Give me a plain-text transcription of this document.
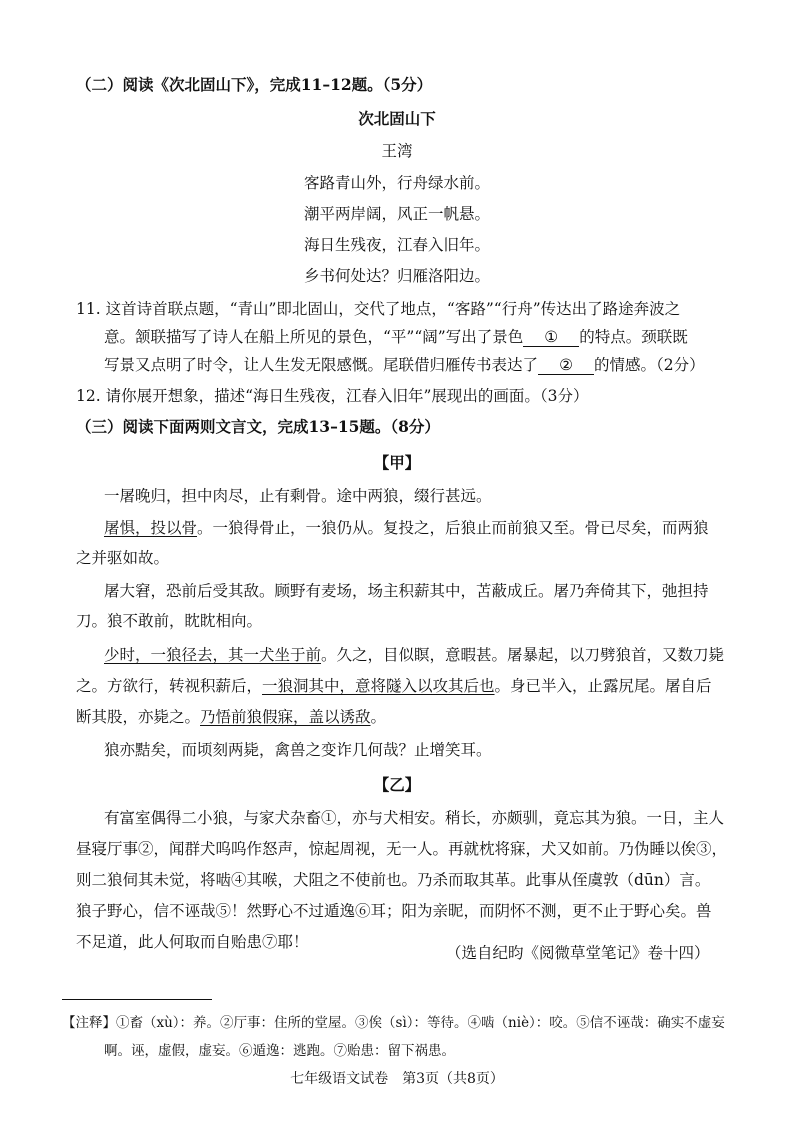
（二）阅读《次北固山下》，完成11–12题。（5分）
次北固山下
王湾
客路青山外，行舟绿水前。
潮平两岸阔，风正一帆悬。
海日生残夜，江春入旧年。
乡书何处达？归雁洛阳边。
11. 这首诗首联点题，“青山”即北固山，交代了地点，“客路”“行舟”传达出了路途奔波之
意。颔联描写了诗人在船上所见的景色，“平”“阔”写出了景色 ① 的特点。颈联既
写景又点明了时令，让人生发无限感慨。尾联借归雁传书表达了 ② 的情感。（2分）
12. 请你展开想象，描述“海日生残夜，江春入旧年”展现出的画面。（3分）
（三）阅读下面两则文言文，完成13–15题。（8分）
【甲】
一屠晚归，担中肉尽，止有剩骨。途中两狼，缀行甚远。
屠惧，投以骨。一狼得骨止，一狼仍从。复投之，后狼止而前狼又至。骨已尽矣，而两狼
之并驱如故。
屠大窘，恐前后受其敌。顾野有麦场，场主积薪其中，苫蔽成丘。屠乃奔倚其下，弛担持
刀。狼不敢前，眈眈相向。
少时，一狼径去，其一犬坐于前。久之，目似瞑，意暇甚。屠暴起，以刀劈狼首，又数刀毙
之。方欲行，转视积薪后，一狼洞其中，意将隧入以攻其后也。身已半入，止露尻尾。屠自后
断其股，亦毙之。乃悟前狼假寐，盖以诱敌。
狼亦黠矣，而顷刻两毙，禽兽之变诈几何哉？止增笑耳。
【乙】
有富室偶得二小狼，与家犬杂畜①，亦与犬相安。稍长，亦颇驯，竟忘其为狼。一日，主人
昼寝厅事②，闻群犬呜呜作怒声，惊起周视，无一人。再就枕将寐，犬又如前。乃伪睡以俟③，
则二狼伺其未觉，将啮④其喉，犬阻之不使前也。乃杀而取其革。此事从侄虞敦（dūn）言。
狼子野心，信不诬哉⑤！然野心不过遁逸⑥耳；阳为亲昵，而阴怀不测，更不止于野心矣。兽
不足道，此人何取而自贻患⑦耶！
（选自纪昀《阅微草堂笔记》卷十四）
【注释】①畜（xù）：养。②厅事：住所的堂屋。③俟（sì）：等待。④啮（niè）：咬。⑤信不诬哉：确实不虚妄
啊。诬，虚假，虚妄。⑥遁逸：逃跑。⑦贻患：留下祸患。
七年级语文试卷　第3页（共8页）
